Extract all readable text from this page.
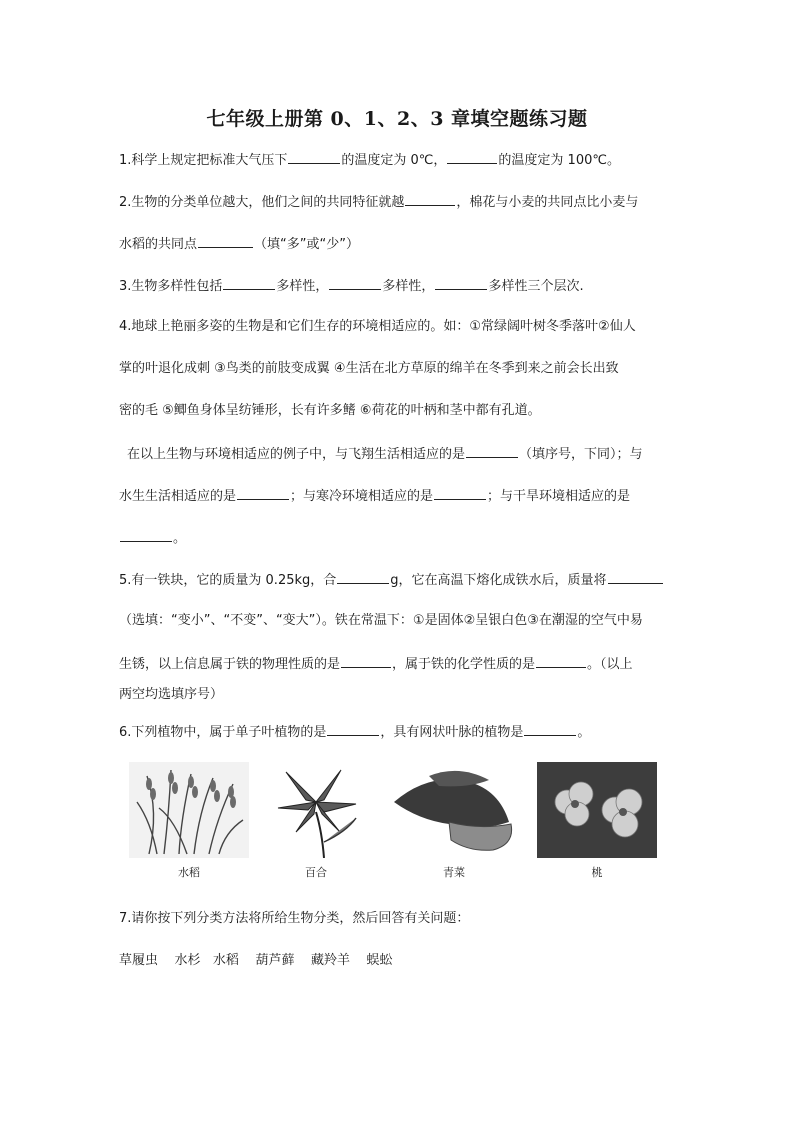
七年级上册第 0、1、2、3 章填空题练习题
1.科学上规定把标准大气压下	的温度定为 0℃，	的温度定为 100℃。
2.生物的分类单位越大，他们之间的共同特征就越	，棉花与小麦的共同点比小麦与
水稻的共同点	（填“多”或“少”）
3.生物多样性包括	多样性，	多样性，	多样性三个层次.
4.地球上艳丽多姿的生物是和它们生存的环境相适应的。如：①常绿阔叶树冬季落叶②仙人
掌的叶退化成刺 ③鸟类的前肢变成翼 ④生活在北方草原的绵羊在冬季到来之前会长出致
密的毛 ⑤鲫鱼身体呈纺锤形，长有许多鳍 ⑥荷花的叶柄和茎中都有孔道。
在以上生物与环境相适应的例子中，与飞翔生活相适应的是	（填序号，下同）；与
水生生活相适应的是	；与寒冷环境相适应的是	；与干旱环境相适应的是
。
5.有一铁块，它的质量为 0.25kg，合	g，它在高温下熔化成铁水后，质量将
（选填：“变小”、“不变”、“变大”）。铁在常温下：①是固体②呈银白色③在潮湿的空气中易
生锈，以上信息属于铁的物理性质的是	，属于铁的化学性质的是	。（以上
两空均选填序号）
6.下列植物中，属于单子叶植物的是	，具有网状叶脉的植物是	。
水稻	百合	青菜	桃
7.请你按下列分类方法将所给生物分类，然后回答有关问题：
草履虫    水杉   水稻    葫芦藓    藏羚羊    蜈蚣
